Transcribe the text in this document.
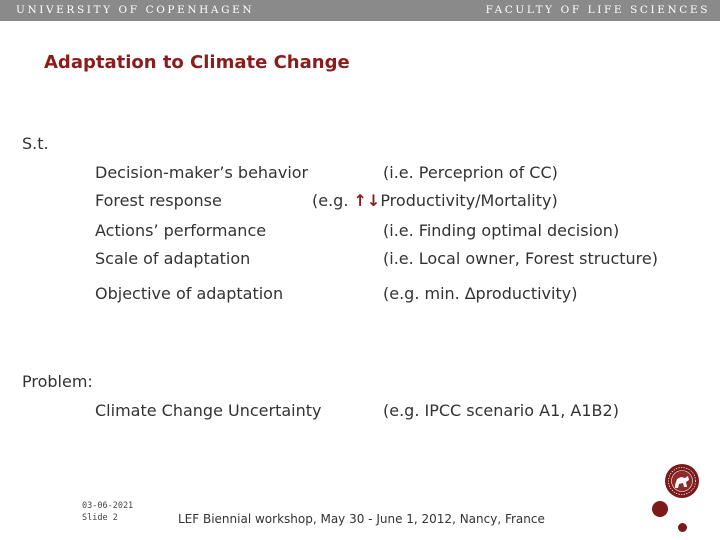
UNIVERSITY OF COPENHAGEN	FACULTY OF LIFE SCIENCES
Adaptation to Climate Change
S.t.
Decision-maker’s behavior	(i.e. Perceprion of CC)
Forest response	(e.g. ↑↓Productivity/Mortality)
Actions’ performance	(i.e. Finding optimal decision)
Scale of adaptation	(i.e. Local owner, Forest structure)
Objective of adaptation	(e.g. min. ∆productivity)
Problem:
Climate Change Uncertainty	(e.g. IPCC scenario A1, A1B2)
03-06-2021
Slide 2	LEF Biennial workshop, May 30 - June 1, 2012, Nancy, France
